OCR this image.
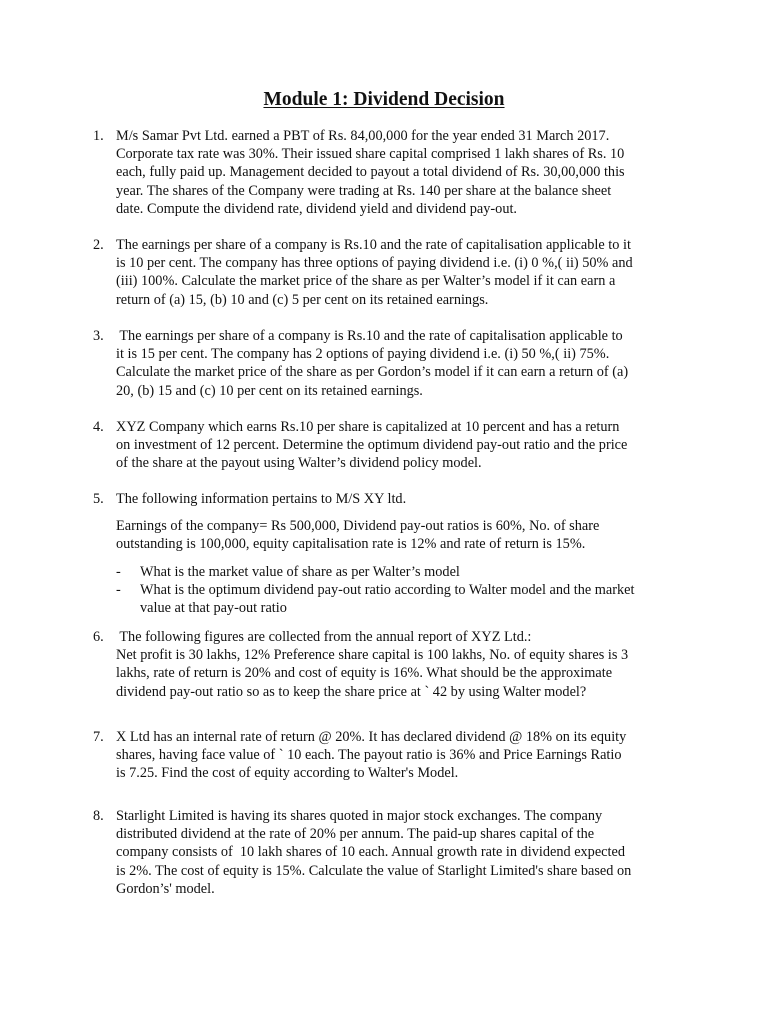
Module 1: Dividend Decision
1. M/s Samar Pvt Ltd. earned a PBT of Rs. 84,00,000 for the year ended 31 March 2017.
Corporate tax rate was 30%. Their issued share capital comprised 1 lakh shares of Rs. 10
each, fully paid up. Management decided to payout a total dividend of Rs. 30,00,000 this
year. The shares of the Company were trading at Rs. 140 per share at the balance sheet
date. Compute the dividend rate, dividend yield and dividend pay-out.
2. The earnings per share of a company is Rs.10 and the rate of capitalisation applicable to it
is 10 per cent. The company has three options of paying dividend i.e. (i) 0 %,( ii) 50% and
(iii) 100%. Calculate the market price of the share as per Walter’s model if it can earn a
return of (a) 15, (b) 10 and (c) 5 per cent on its retained earnings.
3. The earnings per share of a company is Rs.10 and the rate of capitalisation applicable to
it is 15 per cent. The company has 2 options of paying dividend i.e. (i) 50 %,( ii) 75%.
Calculate the market price of the share as per Gordon’s model if it can earn a return of (a)
20, (b) 15 and (c) 10 per cent on its retained earnings.
4. XYZ Company which earns Rs.10 per share is capitalized at 10 percent and has a return
on investment of 12 percent. Determine the optimum dividend pay-out ratio and the price
of the share at the payout using Walter’s dividend policy model.
5. The following information pertains to M/S XY ltd.
Earnings of the company= Rs 500,000, Dividend pay-out ratios is 60%, No. of share
outstanding is 100,000, equity capitalisation rate is 12% and rate of return is 15%.
- What is the market value of share as per Walter’s model
- What is the optimum dividend pay-out ratio according to Walter model and the market
value at that pay-out ratio
6. The following figures are collected from the annual report of XYZ Ltd.:
Net profit is 30 lakhs, 12% Preference share capital is 100 lakhs, No. of equity shares is 3
lakhs, rate of return is 20% and cost of equity is 16%. What should be the approximate
dividend pay-out ratio so as to keep the share price at ` 42 by using Walter model?
7. X Ltd has an internal rate of return @ 20%. It has declared dividend @ 18% on its equity
shares, having face value of ` 10 each. The payout ratio is 36% and Price Earnings Ratio
is 7.25. Find the cost of equity according to Walter's Model.
8. Starlight Limited is having its shares quoted in major stock exchanges. The company
distributed dividend at the rate of 20% per annum. The paid-up shares capital of the
company consists of  10 lakh shares of 10 each. Annual growth rate in dividend expected
is 2%. The cost of equity is 15%. Calculate the value of Starlight Limited's share based on
Gordon’s' model.
